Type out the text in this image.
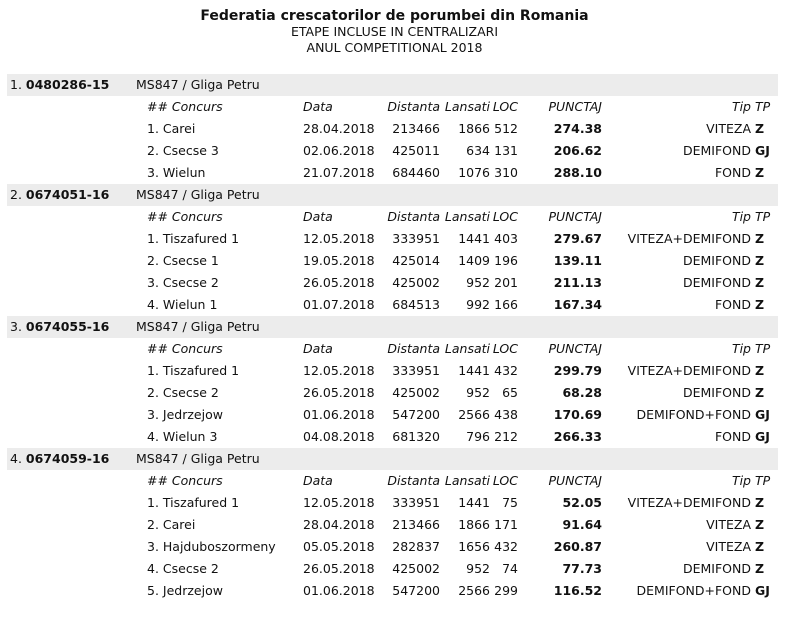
Federatia crescatorilor de porumbei din Romania
ETAPE INCLUSE IN CENTRALIZARI
ANUL COMPETITIONAL 2018
1. 0480286-15 MS847 / Gliga Petru
## Concurs	Data	Distanta Lansati LOC	PUNCTAJ	Tip TP
1. Carei	28.04.2018	213466	1866 512	274.38	VITEZA Z
2. Csecse 3	02.06.2018	425011	634 131	206.62	DEMIFOND GJ
3. Wielun	21.07.2018	684460	1076 310	288.10	FOND Z
2. 0674051-16 MS847 / Gliga Petru
## Concurs	Data	Distanta Lansati LOC	PUNCTAJ	Tip TP
1. Tiszafured 1	12.05.2018	333951	1441 403	279.67	VITEZA+DEMIFOND Z
2. Csecse 1	19.05.2018	425014	1409 196	139.11	DEMIFOND Z
3. Csecse 2	26.05.2018	425002	952 201	211.13	DEMIFOND Z
4. Wielun 1	01.07.2018	684513	992 166	167.34	FOND Z
3. 0674055-16 MS847 / Gliga Petru
## Concurs	Data	Distanta Lansati LOC	PUNCTAJ	Tip TP
1. Tiszafured 1	12.05.2018	333951	1441 432	299.79	VITEZA+DEMIFOND Z
2. Csecse 2	26.05.2018	425002	952 65	68.28	DEMIFOND Z
3. Jedrzejow	01.06.2018	547200	2566 438	170.69	DEMIFOND+FOND GJ
4. Wielun 3	04.08.2018	681320	796 212	266.33	FOND GJ
4. 0674059-16 MS847 / Gliga Petru
## Concurs	Data	Distanta Lansati LOC	PUNCTAJ	Tip TP
1. Tiszafured 1	12.05.2018	333951	1441 75	52.05	VITEZA+DEMIFOND Z
2. Carei	28.04.2018	213466	1866 171	91.64	VITEZA Z
3. Hajduboszormeny 05.05.2018	282837	1656 432	260.87	VITEZA Z
4. Csecse 2	26.05.2018	425002	952 74	77.73	DEMIFOND Z
5. Jedrzejow	01.06.2018	547200	2566 299	116.52	DEMIFOND+FOND GJ
